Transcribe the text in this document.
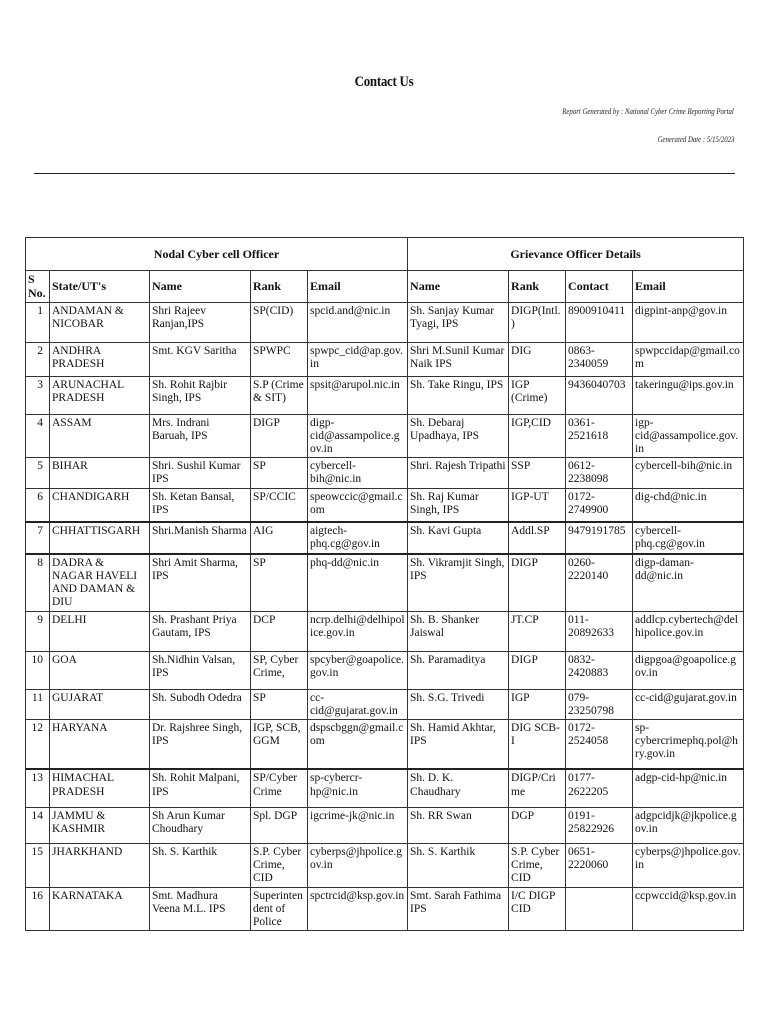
Contact Us
Report Generated by : National Cyber Crime Reporting Portal
Generated Date : 5/15/2023
Nodal Cyber cell Officer					Grievance Officer Details			
S No.	State/UT's	Name	Rank	Email	Name	Rank	Contact	Email
1	ANDAMAN & NICOBAR	Shri Rajeev Ranjan,IPS	SP(CID)	spcid.and@nic.in	Sh. Sanjay Kumar Tyagi, IPS	DIGP(Intl.)	8900910411	digpint-anp@gov.in
2	ANDHRA PRADESH	Smt. KGV Saritha	SPWPC	spwpc_cid@ap.gov.in	Shri M.Sunil Kumar Naik IPS	DIG	0863-2340059	spwpccidap@gmail.com
3	ARUNACHAL PRADESH	Sh. Rohit Rajbir Singh, IPS	S.P (Crime & SIT)	spsit@arupol.nic.in	Sh. Take Ringu, IPS	IGP (Crime)	9436040703	takeringu@ips.gov.in
4	ASSAM	Mrs. Indrani Baruah, IPS	DIGP	digp-cid@assampolice.gov.in	Sh. Debaraj Upadhaya, IPS	IGP,CID	0361-2521618	igp-cid@assampolice.gov.in
5	BIHAR	Shri. Sushil Kumar IPS	SP	cybercell-bih@nic.in	Shri. Rajesh Tripathi	SSP	0612-2238098	cybercell-bih@nic.in
6	CHANDIGARH	Sh. Ketan Bansal, IPS	SP/CCIC	speowccic@gmail.com	Sh. Raj Kumar Singh, IPS	IGP-UT	0172-2749900	dig-chd@nic.in
7	CHHATTISGARH	Shri.Manish Sharma	AIG	aigtech-phq.cg@gov.in	Sh. Kavi Gupta	Addl.SP	9479191785	cybercell-phq.cg@gov.in
8	DADRA & NAGAR HAVELI AND DAMAN & DIU	Shri Amit Sharma, IPS	SP	phq-dd@nic.in	Sh. Vikramjit Singh, IPS	DIGP	0260-2220140	digp-daman-dd@nic.in
9	DELHI	Sh. Prashant Priya Gautam, IPS	DCP	ncrp.delhi@delhipolice.gov.in	Sh. B. Shanker Jaiswal	JT.CP	011-20892633	addlcp.cybertech@delhipolice.gov.in
10	GOA	Sh.Nidhin Valsan, IPS	SP, Cyber Crime,	spcyber@goapolice.gov.in	Sh. Paramaditya	DIGP	0832-2420883	digpgoa@goapolice.gov.in
11	GUJARAT	Sh. Subodh Odedra	SP	cc-cid@gujarat.gov.in	Sh. S.G. Trivedi	IGP	079-23250798	cc-cid@gujarat.gov.in
12	HARYANA	Dr. Rajshree Singh, IPS	IGP, SCB, GGM	dspscbggn@gmail.com	Sh. Hamid Akhtar, IPS	DIG SCB-I	0172-2524058	sp-cybercrimephq.pol@hry.gov.in
13	HIMACHAL PRADESH	Sh. Rohit Malpani, IPS	SP/Cyber Crime	sp-cybercr-hp@nic.in	Sh. D. K. Chaudhary	DIGP/Crime	0177-2622205	adgp-cid-hp@nic.in
14	JAMMU & KASHMIR	Sh Arun Kumar Choudhary	Spl. DGP	igcrime-jk@nic.in	Sh. RR Swan	DGP	0191-25822926	adgpcidjk@jkpolice.gov.in
15	JHARKHAND	Sh. S. Karthik	S.P. Cyber Crime, CID	cyberps@jhpolice.gov.in	Sh. S. Karthik	S.P. Cyber Crime, CID	0651-2220060	cyberps@jhpolice.gov.in
16	KARNATAKA	Smt. Madhura Veena M.L. IPS	Superintendent of Police	spctrcid@ksp.gov.in	Smt. Sarah Fathima IPS	I/C DIGP CID		ccpwccid@ksp.gov.in
